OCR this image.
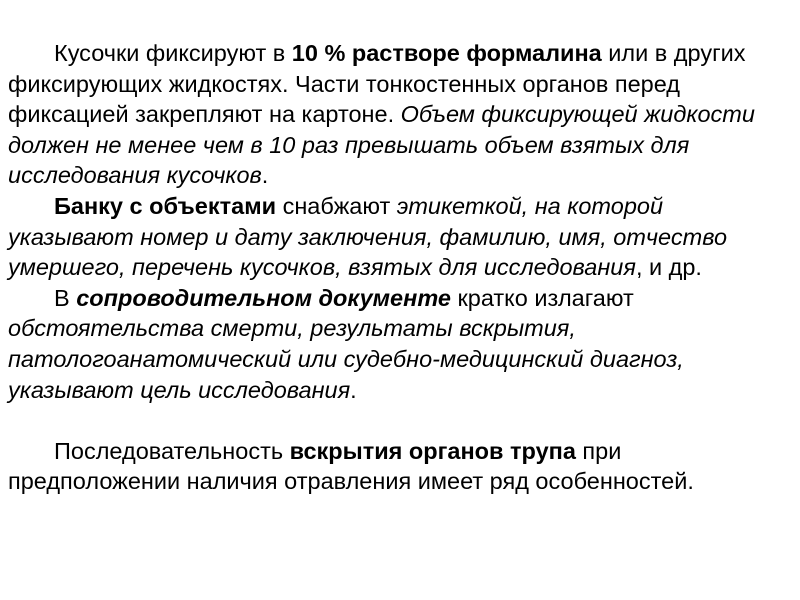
Кусочки фиксируют в 10 % растворе формалина или в других фиксирующих жидкостях. Части тонкостенных органов перед фиксацией закрепляют на картоне. Объем фиксирующей жидкости должен не менее чем в 10 раз превышать объем взятых для исследования кусочков.

Банку с объектами снабжают этикеткой, на которой указывают номер и дату заключения, фамилию, имя, отчество умершего, перечень кусочков, взятых для исследования, и др.

В сопроводительном документе кратко излагают обстоятельства смерти, результаты вскрытия, патологоанатомический или судебно-медицинский диагноз, указывают цель исследования.

Последовательность вскрытия органов трупа при предположении наличия отравления имеет ряд особенностей.
